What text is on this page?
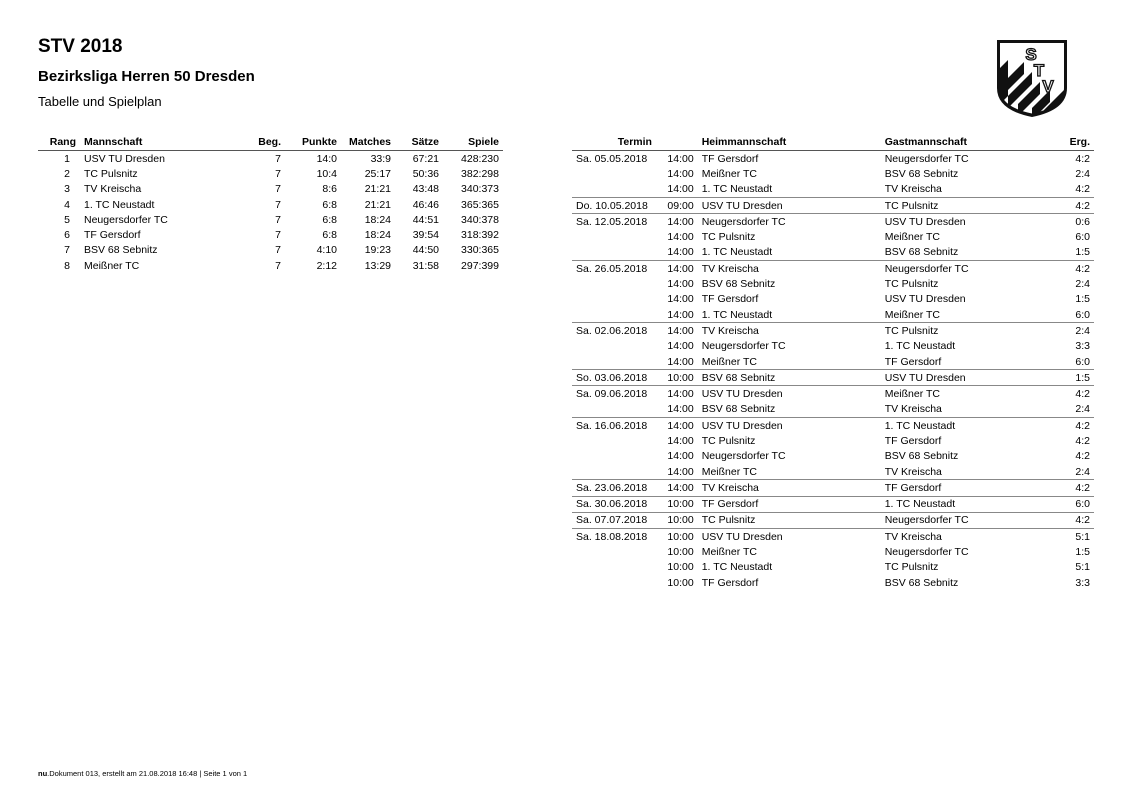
STV 2018
Bezirksliga Herren 50 Dresden

Tabelle und Spielplan

S
T
V
Rang	Mannschaft	Beg.	Punkte	Matches	Sätze	Spiele
1	USV TU Dresden	7	14:0	33:9	67:21	428:230
2	TC Pulsnitz	7	10:4	25:17	50:36	382:298
3	TV Kreischa	7	8:6	21:21	43:48	340:373
4	1. TC Neustadt	7	6:8	21:21	46:46	365:365
5	Neugersdorfer TC	7	6:8	18:24	44:51	340:378
6	TF Gersdorf	7	6:8	18:24	39:54	318:392
7	BSV 68 Sebnitz	7	4:10	19:23	44:50	330:365
8	Meißner TC	7	2:12	13:29	31:58	297:399
Termin		Heimmannschaft	Gastmannschaft	Erg.
Sa. 05.05.2018	14:00	TF Gersdorf	Neugersdorfer TC	4:2
	14:00	Meißner TC	BSV 68 Sebnitz	2:4
	14:00	1. TC Neustadt	TV Kreischa	4:2
Do. 10.05.2018	09:00	USV TU Dresden	TC Pulsnitz	4:2
Sa. 12.05.2018	14:00	Neugersdorfer TC	USV TU Dresden	0:6
	14:00	TC Pulsnitz	Meißner TC	6:0
	14:00	1. TC Neustadt	BSV 68 Sebnitz	1:5
Sa. 26.05.2018	14:00	TV Kreischa	Neugersdorfer TC	4:2
	14:00	BSV 68 Sebnitz	TC Pulsnitz	2:4
	14:00	TF Gersdorf	USV TU Dresden	1:5
	14:00	1. TC Neustadt	Meißner TC	6:0
Sa. 02.06.2018	14:00	TV Kreischa	TC Pulsnitz	2:4
	14:00	Neugersdorfer TC	1. TC Neustadt	3:3
	14:00	Meißner TC	TF Gersdorf	6:0
So. 03.06.2018	10:00	BSV 68 Sebnitz	USV TU Dresden	1:5
Sa. 09.06.2018	14:00	USV TU Dresden	Meißner TC	4:2
	14:00	BSV 68 Sebnitz	TV Kreischa	2:4
Sa. 16.06.2018	14:00	USV TU Dresden	1. TC Neustadt	4:2
	14:00	TC Pulsnitz	TF Gersdorf	4:2
	14:00	Neugersdorfer TC	BSV 68 Sebnitz	4:2
	14:00	Meißner TC	TV Kreischa	2:4
Sa. 23.06.2018	14:00	TV Kreischa	TF Gersdorf	4:2
Sa. 30.06.2018	10:00	TF Gersdorf	1. TC Neustadt	6:0
Sa. 07.07.2018	10:00	TC Pulsnitz	Neugersdorfer TC	4:2
Sa. 18.08.2018	10:00	USV TU Dresden	TV Kreischa	5:1
	10:00	Meißner TC	Neugersdorfer TC	1:5
	10:00	1. TC Neustadt	TC Pulsnitz	5:1
	10:00	TF Gersdorf	BSV 68 Sebnitz	3:3
nu.Dokument 013, erstellt am 21.08.2018 16:48 | Seite 1 von 1
